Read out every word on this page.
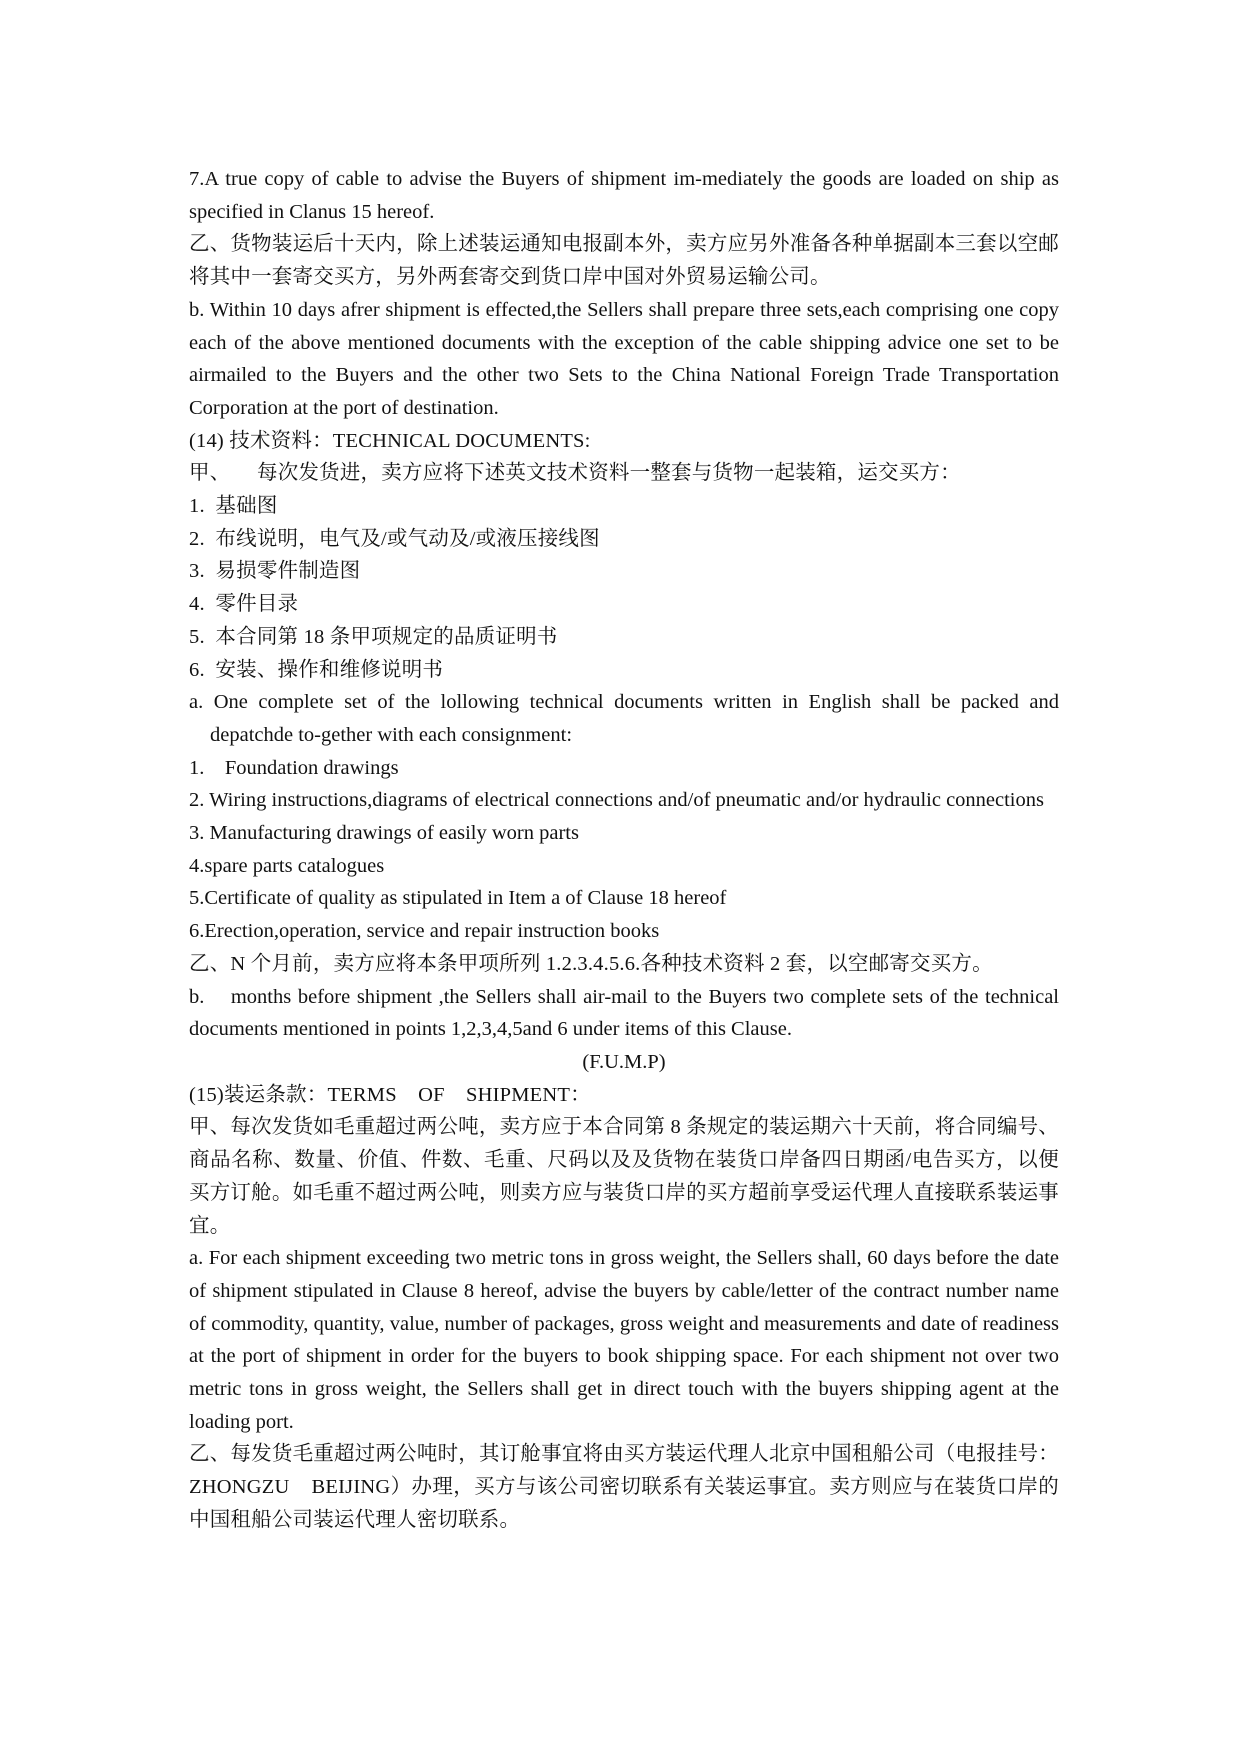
7.A true copy of cable to advise the Buyers of shipment im-mediately the goods are loaded on ship as specified in Clanus 15 hereof.

乙、货物装运后十天内，除上述装运通知电报副本外，卖方应另外准备各种单据副本三套以空邮将其中一套寄交买方，另外两套寄交到货口岸中国对外贸易运输公司。

b. Within 10 days afrer shipment is effected,the Sellers shall prepare three sets,each comprising one copy each of the above mentioned documents with the exception of the cable shipping advice one set to be airmailed to the Buyers and the other two Sets to the China National Foreign Trade Transportation Corporation at the port of destination.

(14) 技术资料：TECHNICAL DOCUMENTS:

甲、     每次发货进，卖方应将下述英文技术资料一整套与货物一起装箱，运交买方：

1.  基础图

2.  布线说明，电气及/或气动及/或液压接线图

3.  易损零件制造图

4.  零件目录

5.  本合同第 18 条甲项规定的品质证明书

6.  安装、操作和维修说明书

a. One complete set of the lollowing technical documents written in English shall be packed and depatchde to-gether with each consignment:

1.    Foundation drawings

2. Wiring instructions,diagrams of electrical connections and/of pneumatic and/or hydraulic connections

3. Manufacturing drawings of easily worn parts

4.spare parts catalogues

5.Certificate of quality as stipulated in Item a of Clause 18 hereof

6.Erection,operation, service and repair instruction books

乙、N 个月前，卖方应将本条甲项所列 1.2.3.4.5.6.各种技术资料 2 套，以空邮寄交买方。

b.    months before shipment ,the Sellers shall air-mail to the Buyers two complete sets of the technical documents mentioned in points 1,2,3,4,5and 6 under items of this Clause.

(F.U.M.P)

(15)装运条款：TERMS    OF    SHIPMENT：

甲、每次发货如毛重超过两公吨，卖方应于本合同第 8 条规定的装运期六十天前，将合同编号、商品名称、数量、价值、件数、毛重、尺码以及及货物在装货口岸备四日期函/电告买方，以便买方订舱。如毛重不超过两公吨，则卖方应与装货口岸的买方超前享受运代理人直接联系装运事宜。

a. For each shipment exceeding two metric tons in gross weight, the Sellers shall, 60 days before the date of shipment stipulated in Clause 8 hereof, advise the buyers by cable/letter of the contract number name of commodity, quantity, value, number of packages, gross weight and measurements and date of readiness at the port of shipment in order for the buyers to book shipping space. For each shipment not over two metric tons in gross weight, the Sellers shall get in direct touch with the buyers shipping agent at the loading port.

乙、每发货毛重超过两公吨时，其订舱事宜将由买方装运代理人北京中国租船公司（电报挂号：ZHONGZU    BEIJING）办理，买方与该公司密切联系有关装运事宜。卖方则应与在装货口岸的中国租船公司装运代理人密切联系。
